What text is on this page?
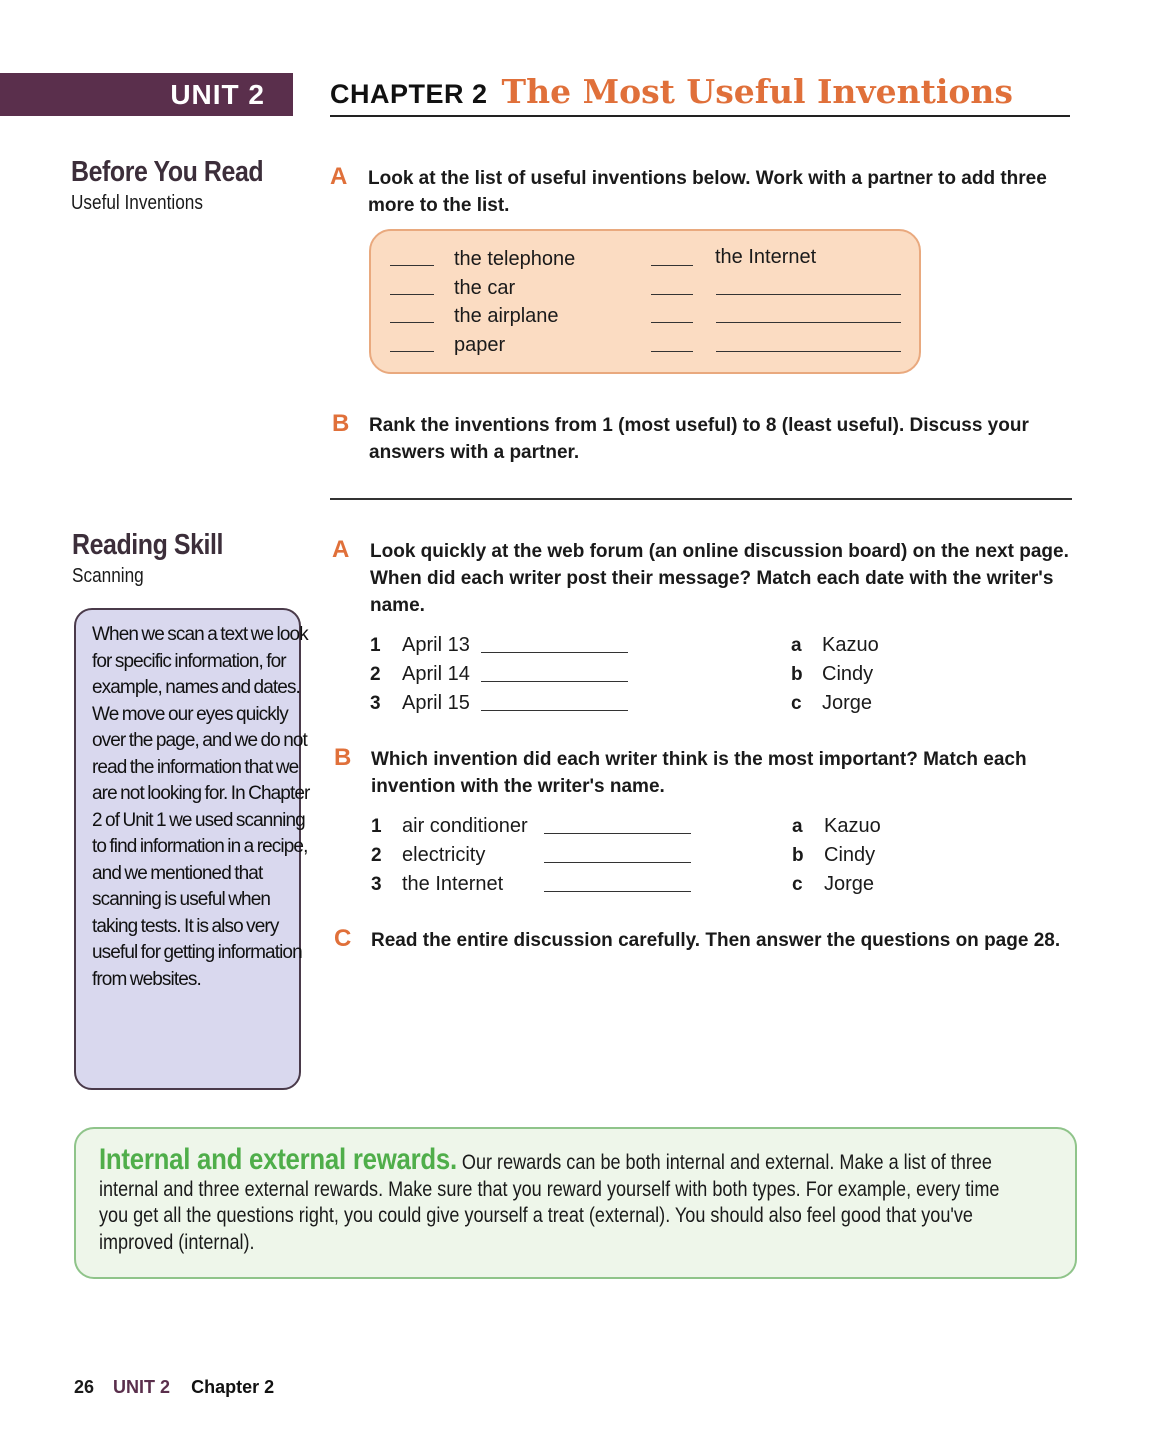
UNIT 2 CHAPTER 2 The Most Useful Inventions
Before You Read
Useful Inventions
A Look at the list of useful inventions below. Work with a partner to add three more to the list.
the telephone
the car
the airplane
paper
the Internet
B Rank the inventions from 1 (most useful) to 8 (least useful). Discuss your answers with a partner.
Reading Skill
Scanning
When we scan a text we look for specific information, for example, names and dates. We move our eyes quickly over the page, and we do not read the information that we are not looking for. In Chapter 2 of Unit 1 we used scanning to find information in a recipe, and we mentioned that scanning is useful when taking tests. It is also very useful for getting information from websites.
A Look quickly at the web forum (an online discussion board) on the next page. When did each writer post their message? Match each date with the writer's name.
1 April 13
2 April 14
3 April 15
a Kazuo
b Cindy
c Jorge
B Which invention did each writer think is the most important? Match each invention with the writer's name.
1 air conditioner
2 electricity
3 the Internet
a Kazuo
b Cindy
c Jorge
C Read the entire discussion carefully. Then answer the questions on page 28.
Internal and external rewards. Our rewards can be both internal and external. Make a list of three internal and three external rewards. Make sure that you reward yourself with both types. For example, every time you get all the questions right, you could give yourself a treat (external). You should also feel good that you've improved (internal).
26 UNIT 2 Chapter 2
